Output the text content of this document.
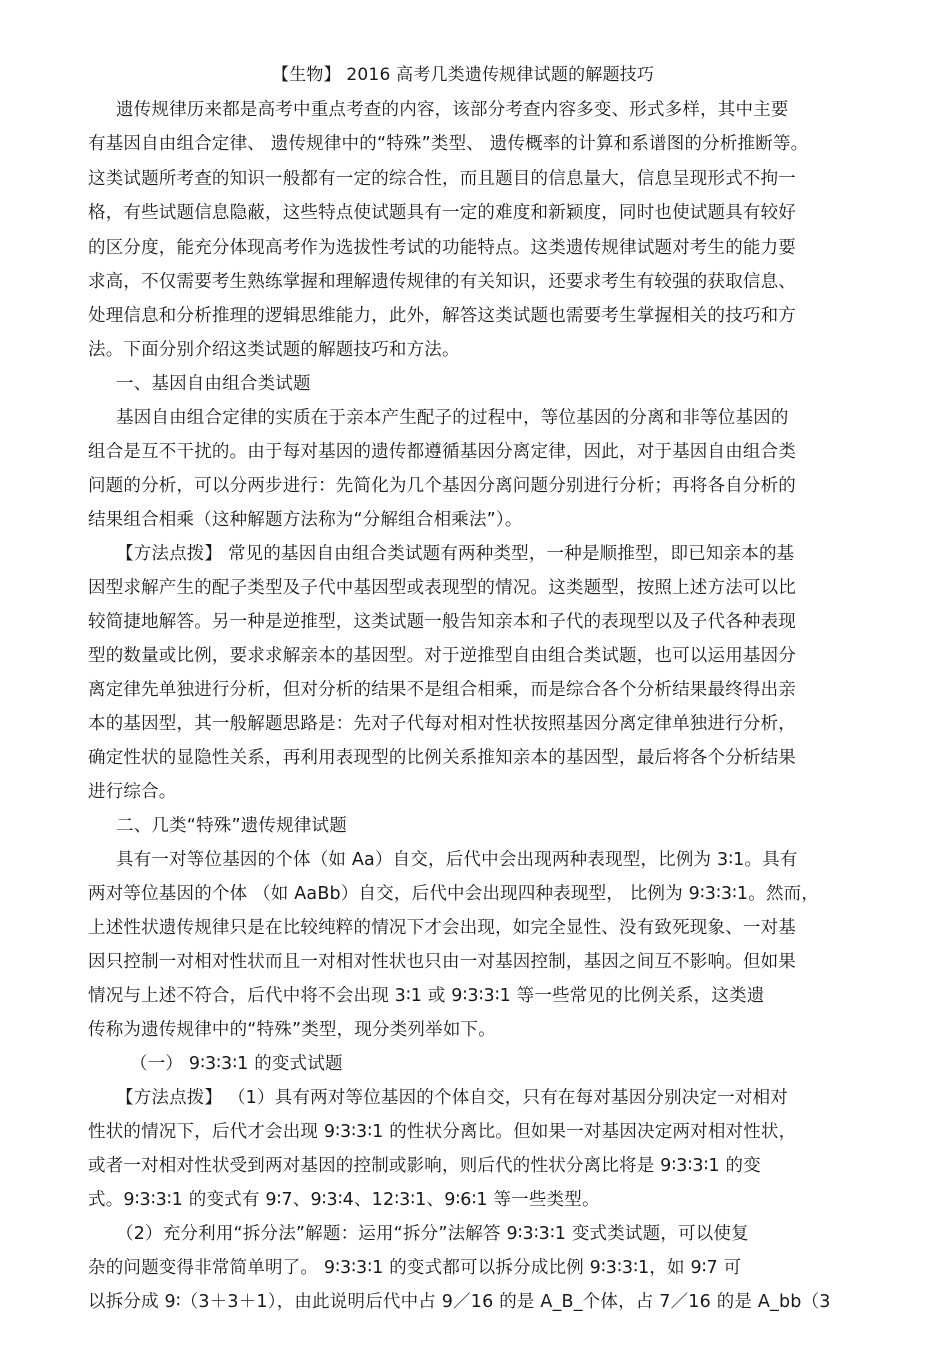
【生物】 2016 高考几类遗传规律试题的解题技巧
遗传规律历来都是高考中重点考查的内容，该部分考查内容多变、形式多样，其中主要
有基因自由组合定律、 遗传规律中的“特殊”类型、 遗传概率的计算和系谱图的分析推断等。
这类试题所考查的知识一般都有一定的综合性，而且题目的信息量大，信息呈现形式不拘一
格，有些试题信息隐蔽，这些特点使试题具有一定的难度和新颖度，同时也使试题具有较好
的区分度，能充分体现高考作为选拔性考试的功能特点。这类遗传规律试题对考生的能力要
求高，不仅需要考生熟练掌握和理解遗传规律的有关知识，还要求考生有较强的获取信息、
处理信息和分析推理的逻辑思维能力，此外，解答这类试题也需要考生掌握相关的技巧和方
法。下面分别介绍这类试题的解题技巧和方法。
一、基因自由组合类试题
基因自由组合定律的实质在于亲本产生配子的过程中，等位基因的分离和非等位基因的
组合是互不干扰的。由于每对基因的遗传都遵循基因分离定律，因此，对于基因自由组合类
问题的分析，可以分两步进行：先简化为几个基因分离问题分别进行分析；再将各自分析的
结果组合相乘（这种解题方法称为“分解组合相乘法”）。
【方法点拨】 常见的基因自由组合类试题有两种类型，一种是顺推型，即已知亲本的基
因型求解产生的配子类型及子代中基因型或表现型的情况。这类题型，按照上述方法可以比
较简捷地解答。另一种是逆推型，这类试题一般告知亲本和子代的表现型以及子代各种表现
型的数量或比例，要求求解亲本的基因型。对于逆推型自由组合类试题，也可以运用基因分
离定律先单独进行分析，但对分析的结果不是组合相乘，而是综合各个分析结果最终得出亲
本的基因型，其一般解题思路是：先对子代每对相对性状按照基因分离定律单独进行分析，
确定性状的显隐性关系，再利用表现型的比例关系推知亲本的基因型，最后将各个分析结果
进行综合。
二、几类“特殊”遗传规律试题
具有一对等位基因的个体（如 Aa）自交，后代中会出现两种表现型，比例为 3∶1。具有
两对等位基因的个体 （如 AaBb）自交，后代中会出现四种表现型， 比例为 9∶3∶3∶1。然而，
上述性状遗传规律只是在比较纯粹的情况下才会出现，如完全显性、没有致死现象、一对基
因只控制一对相对性状而且一对相对性状也只由一对基因控制，基因之间互不影响。但如果
情况与上述不符合，后代中将不会出现 3∶1 或 9∶3∶3∶1 等一些常见的比例关系，这类遗
传称为遗传规律中的“特殊”类型，现分类列举如下。
（一） 9∶3∶3∶1 的变式试题
【方法点拨】 （1）具有两对等位基因的个体自交，只有在每对基因分别决定一对相对
性状的情况下，后代才会出现 9∶3∶3∶1 的性状分离比。但如果一对基因决定两对相对性状，
或者一对相对性状受到两对基因的控制或影响，则后代的性状分离比将是 9∶3∶3∶1 的变
式。9∶3∶3∶1 的变式有 9∶7、9∶3∶4、12∶3∶1、9∶6∶1 等一些类型。
（2）充分利用“拆分法”解题：运用“拆分”法解答 9∶3∶3∶1 变式类试题，可以使复
杂的问题变得非常简单明了。 9∶3∶3∶1 的变式都可以拆分成比例 9∶3∶3∶1，如 9∶7 可
以拆分成 9∶（3＋3＋1），由此说明后代中占 9／16 的是 A_B_个体，占 7／16 的是 A_bb（3
